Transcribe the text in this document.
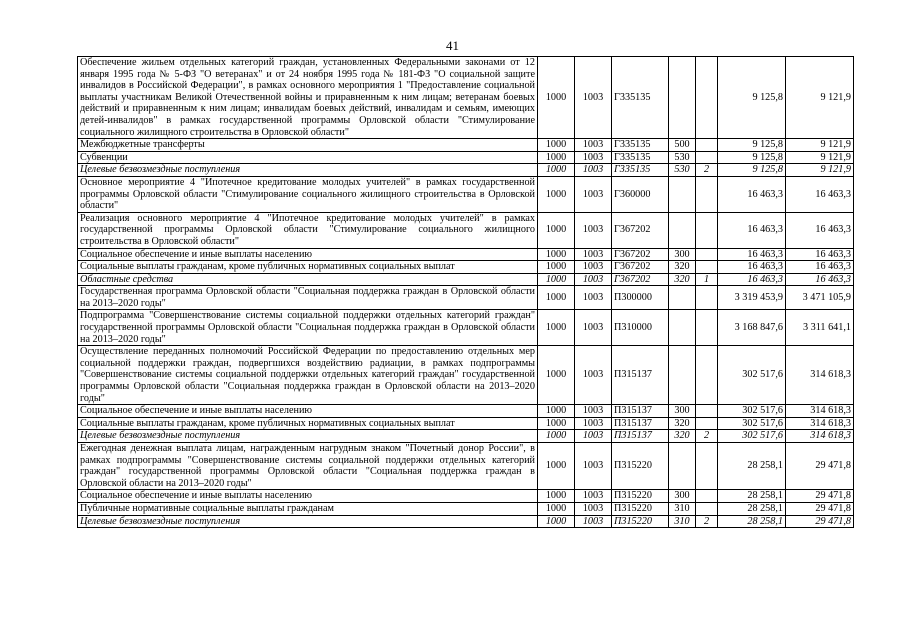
41
Обеспечение жильем отдельных категорий граждан, установленных Федеральными законами от 12 января 1995 года № 5-ФЗ "О ветеранах" и от 24 ноября 1995 года № 181-ФЗ "О социальной защите инвалидов в Российской Федерации", в рамках основного мероприятия 1 "Предоставление социальной выплаты участникам Великой Отечественной войны и приравненным к ним лицам; ветеранам боевых действий и приравненным к ним лицам; инвалидам боевых действий, инвалидам и семьям, имеющих детей-инвалидов" в рамках государственной программы Орловской области "Стимулирование социального жилищного строительства в Орловской области"	1000	1003	Г335135			9 125,8	9 121,9
Межбюджетные трансферты	1000	1003	Г335135	500		9 125,8	9 121,9
Субвенции	1000	1003	Г335135	530		9 125,8	9 121,9
Целевые безвозмездные поступления	1000	1003	Г335135	530	2	9 125,8	9 121,9
Основное мероприятие 4 "Ипотечное кредитование молодых учителей" в рамках государственной программы Орловской области "Стимулирование социального жилищного строительства в Орловской области"	1000	1003	Г360000			16 463,3	16 463,3
Реализация основного мероприятие 4 "Ипотечное кредитование молодых учителей" в рамках государственной программы Орловской области "Стимулирование социального жилищного строительства в Орловской области"	1000	1003	Г367202			16 463,3	16 463,3
Социальное обеспечение и иные выплаты населению	1000	1003	Г367202	300		16 463,3	16 463,3
Социальные выплаты гражданам, кроме публичных нормативных социальных выплат	1000	1003	Г367202	320		16 463,3	16 463,3
Областные средства	1000	1003	Г367202	320	1	16 463,3	16 463,3
Государственная программа Орловской области "Социальная поддержка граждан в Орловской области на 2013–2020 годы"	1000	1003	П300000			3 319 453,9	3 471 105,9
Подпрограмма "Совершенствование системы социальной поддержки отдельных категорий граждан" государственной программы Орловской области "Социальная поддержка граждан в Орловской области на 2013–2020 годы"	1000	1003	П310000			3 168 847,6	3 311 641,1
Осуществление переданных полномочий Российской Федерации по предоставлению отдельных мер социальной поддержки граждан, подвергшихся воздействию радиации, в рамках подпрограммы "Совершенствование системы социальной поддержки отдельных категорий граждан" государственной программы Орловской области "Социальная поддержка граждан в Орловской области на 2013–2020 годы"	1000	1003	П315137			302 517,6	314 618,3
Социальное обеспечение и иные выплаты населению	1000	1003	П315137	300		302 517,6	314 618,3
Социальные выплаты гражданам, кроме публичных нормативных социальных выплат	1000	1003	П315137	320		302 517,6	314 618,3
Целевые безвозмездные поступления	1000	1003	П315137	320	2	302 517,6	314 618,3
Ежегодная денежная выплата лицам, награжденным нагрудным знаком "Почетный донор России", в рамках подпрограммы "Совершенствование системы социальной поддержки отдельных категорий граждан" государственной программы Орловской области "Социальная поддержка граждан в Орловской области на 2013–2020 годы"	1000	1003	П315220			28 258,1	29 471,8
Социальное обеспечение и иные выплаты населению	1000	1003	П315220	300		28 258,1	29 471,8
Публичные нормативные социальные выплаты гражданам	1000	1003	П315220	310		28 258,1	29 471,8
Целевые безвозмездные поступления	1000	1003	П315220	310	2	28 258,1	29 471,8
